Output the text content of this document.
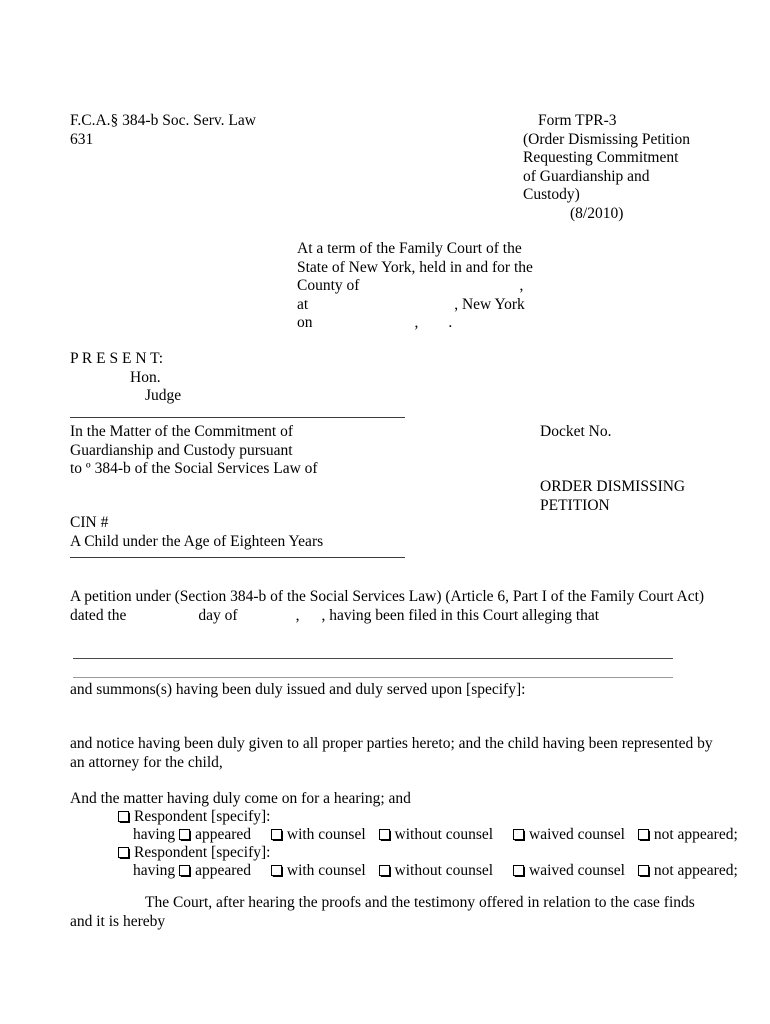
F.C.A.§ 384-b Soc. Serv. Law
631
Form TPR-3
(Order Dismissing Petition
Requesting Commitment
of Guardianship and
Custody)
(8/2010)
At a term of the Family Court of the
State of New York, held in and for the
County of	,
at	, New York
on	, .
P R E S E N T:
Hon.
Judge
In the Matter of the Commitment of	Docket No.
Guardianship and Custody pursuant
to º 384-b of the Social Services Law of
ORDER DISMISSING
PETITION
CIN #
A Child under the Age of Eighteen Years
A petition under (Section 384-b of the Social Services Law) (Article 6, Part I of the Family Court Act)
dated the	day of	, , having been filed in this Court alleging that
and summons(s) having been duly issued and duly served upon [specify]:
and notice having been duly given to all proper parties hereto; and the child having been represented by
an attorney for the child,
And the matter having duly come on for a hearing; and
Respondent [specify]:
having appeared with counsel without counsel waived counsel not appeared;
Respondent [specify]:
having appeared with counsel without counsel waived counsel not appeared;
The Court, after hearing the proofs and the testimony offered in relation to the case finds
and it is hereby
